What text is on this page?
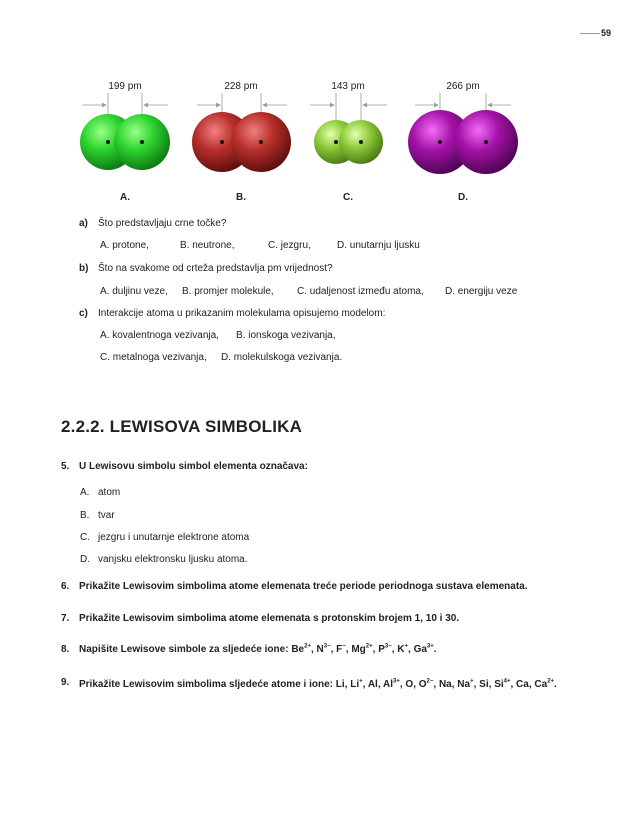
59
199 pm
A.
228 pm
B.
143 pm
C.
266 pm
D.
a) Što predstavljaju crne točke?
A. protone,	B. neutrone,	C. jezgru,	D. unutarnju ljusku
b) Što na svakome od crteža predstavlja pm vrijednost?
A. duljinu veze, B. promjer molekule, C. udaljenost između atoma, D. energiju veze
c) Interakcije atoma u prikazanim molekulama opisujemo modelom:
A. kovalentnoga vezivanja, B. ionskoga vezivanja,
C. metalnoga vezivanja, D. molekulskoga vezivanja.
2.2.2. LEWISOVA SIMBOLIKA
5. U Lewisovu simbolu simbol elementa označava:
A. atom
B. tvar
C. jezgru i unutarnje elektrone atoma
D. vanjsku elektronsku ljusku atoma.
6. Prikažite Lewisovim simbolima atome elemenata treće periode periodnoga sustava elemenata.
7. Prikažite Lewisovim simbolima atome elemenata s protonskim brojem 1, 10 i 30.
8. Napišite Lewisove simbole za sljedeće ione: $Be^{2+}$, $N^{3-}$, F−, $Mg^{2+}$, $P^{3-}$, K+, $Ga^{3+}$.
9. Prikažite Lewisovim simbolima sljedeće atome i ione: Li, Li+, Al, $Al^{3+}$, O, $O^{2-}$, Na, Na+, Si, $Si^{4+}$, Ca, $Ca^{2+}$.
